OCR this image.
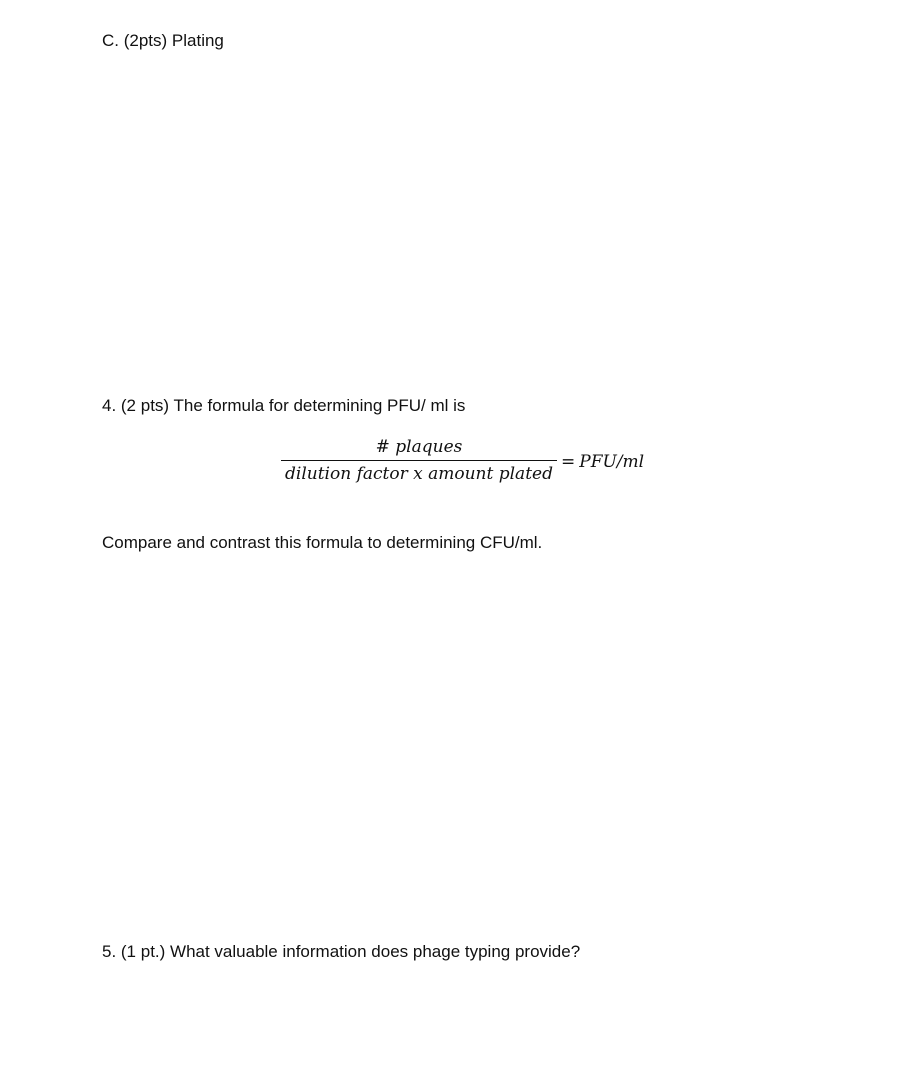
C. (2pts) Plating
4. (2 pts) The formula for determining PFU/ ml is
# plaques
dilution factor x amount plated
= PFU/ml
Compare and contrast this formula to determining CFU/ml.
5. (1 pt.) What valuable information does phage typing provide?
